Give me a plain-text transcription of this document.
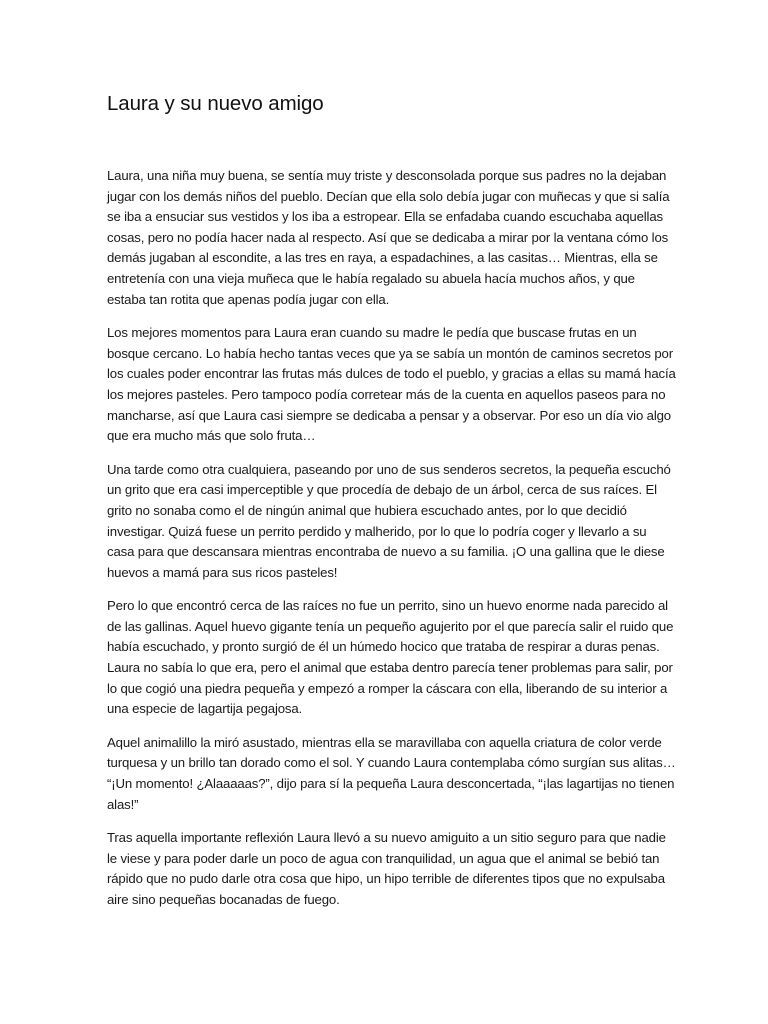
Laura y su nuevo amigo

Laura, una niña muy buena, se sentía muy triste y desconsolada porque sus padres no la dejaban jugar con los demás niños del pueblo. Decían que ella solo debía jugar con muñecas y que si salía se iba a ensuciar sus vestidos y los iba a estropear. Ella se enfadaba cuando escuchaba aquellas cosas, pero no podía hacer nada al respecto. Así que se dedicaba a mirar por la ventana cómo los demás jugaban al escondite, a las tres en raya, a espadachines, a las casitas… Mientras, ella se entretenía con una vieja muñeca que le había regalado su abuela hacía muchos años, y que estaba tan rotita que apenas podía jugar con ella.

Los mejores momentos para Laura eran cuando su madre le pedía que buscase frutas en un bosque cercano. Lo había hecho tantas veces que ya se sabía un montón de caminos secretos por los cuales poder encontrar las frutas más dulces de todo el pueblo, y gracias a ellas su mamá hacía los mejores pasteles. Pero tampoco podía corretear más de la cuenta en aquellos paseos para no mancharse, así que Laura casi siempre se dedicaba a pensar y a observar. Por eso un día vio algo que era mucho más que solo fruta…

Una tarde como otra cualquiera, paseando por uno de sus senderos secretos, la pequeña escuchó un grito que era casi imperceptible y que procedía de debajo de un árbol, cerca de sus raíces. El grito no sonaba como el de ningún animal que hubiera escuchado antes, por lo que decidió investigar. Quizá fuese un perrito perdido y malherido, por lo que lo podría coger y llevarlo a su casa para que descansara mientras encontraba de nuevo a su familia. ¡O una gallina que le diese huevos a mamá para sus ricos pasteles!

Pero lo que encontró cerca de las raíces no fue un perrito, sino un huevo enorme nada parecido al de las gallinas. Aquel huevo gigante tenía un pequeño agujerito por el que parecía salir el ruido que había escuchado, y pronto surgió de él un húmedo hocico que trataba de respirar a duras penas. Laura no sabía lo que era, pero el animal que estaba dentro parecía tener problemas para salir, por lo que cogió una piedra pequeña y empezó a romper la cáscara con ella, liberando de su interior a una especie de lagartija pegajosa.

Aquel animalillo la miró asustado, mientras ella se maravillaba con aquella criatura de color verde turquesa y un brillo tan dorado como el sol. Y cuando Laura contemplaba cómo surgían sus alitas… “¡Un momento! ¿Alaaaaas?”, dijo para sí la pequeña Laura desconcertada, “¡las lagartijas no tienen alas!”

Tras aquella importante reflexión Laura llevó a su nuevo amiguito a un sitio seguro para que nadie le viese y para poder darle un poco de agua con tranquilidad, un agua que el animal se bebió tan rápido que no pudo darle otra cosa que hipo, un hipo terrible de diferentes tipos que no expulsaba aire sino pequeñas bocanadas de fuego.
